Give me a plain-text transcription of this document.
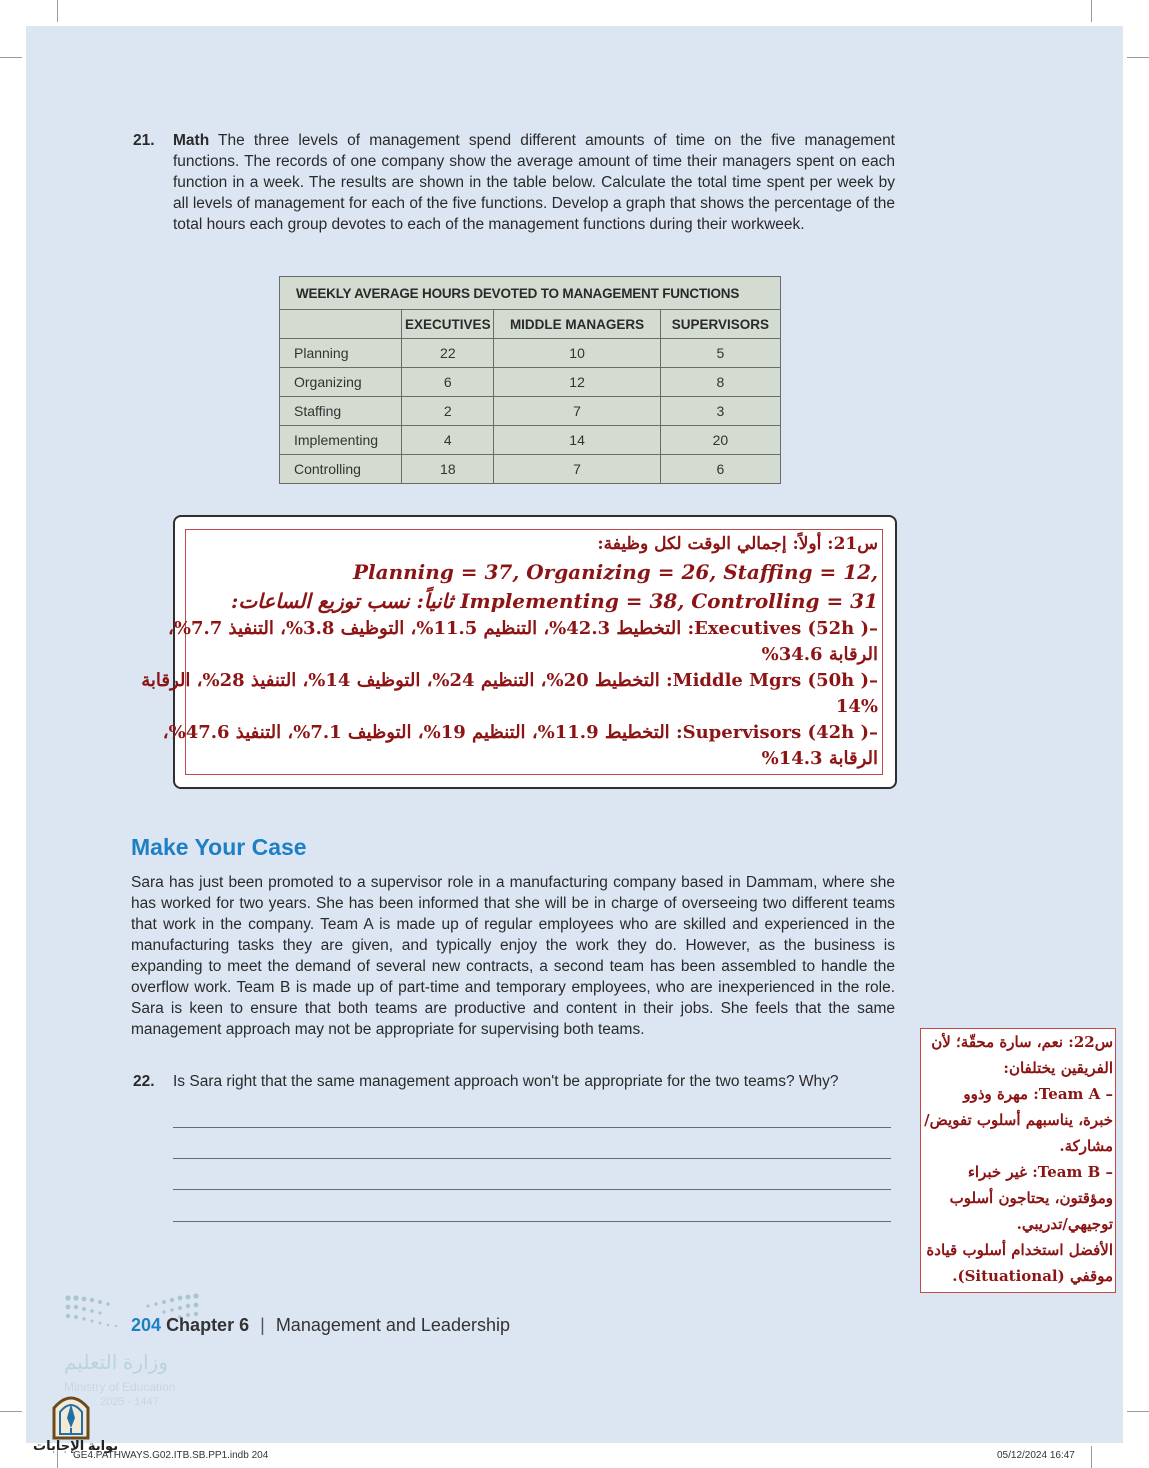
21. Math The three levels of management spend different amounts of time on the five management functions. The records of one company show the average amount of time their managers spent on each function in a week. The results are shown in the table below. Calculate the total time spent per week by all levels of management for each of the five functions. Develop a graph that shows the percentage of the total hours each group devotes to each of the management functions during their workweek.
WEEKLY AVERAGE HOURS DEVOTED TO MANAGEMENT FUNCTIONS			
	EXECUTIVES	MIDDLE MANAGERS	SUPERVISORS
Planning	22	10	5
Organizing	6	12	8
Staffing	2	7	3
Implementing	4	14	20
Controlling	18	7	6
س21: أولاً: إجمالي الوقت لكل وظيفة:
Planning = 37, Organizing = 26, Staffing = 12,
Implementing = 38, Controlling = 31 ثانياً: نسب توزيع الساعات:
–( 52h) Executives: التخطيط 42.3%، التنظيم 11.5%، التوظيف 3.8%، التنفيذ 7.7%،
الرقابة 34.6%
–( 50h) Middle Mgrs: التخطيط 20%، التنظيم 24%، التوظيف 14%، التنفيذ 28%، الرقابة
14%
–( 42h) Supervisors: التخطيط 11.9%، التنظيم 19%، التوظيف 7.1%، التنفيذ 47.6%،
الرقابة 14.3%
Make Your Case
Sara has just been promoted to a supervisor role in a manufacturing company based in Dammam, where she has worked for two years. She has been informed that she will be in charge of overseeing two different teams that work in the company. Team A is made up of regular employees who are skilled and experienced in the manufacturing tasks they are given, and typically enjoy the work they do. However, as the business is expanding to meet the demand of several new contracts, a second team has been assembled to handle the overflow work. Team B is made up of part-time and temporary employees, who are inexperienced in the role. Sara is keen to ensure that both teams are productive and content in their jobs. She feels that the same management approach may not be appropriate for supervising both teams.
22. Is Sara right that the same management approach won't be appropriate for the two teams? Why?
س22: نعم، سارة محقّة؛ لأن
الفريقين يختلفان:
– Team A: مهرة وذوو
خبرة، يناسبهم أسلوب تفويض/
مشاركة.
– Team B: غير خبراء
ومؤقتون، يحتاجون أسلوب
توجيهي/تدريبي.
الأفضل استخدام أسلوب قيادة
موقفي (Situational).
204 Chapter 6 | Management and Leadership
وزارة التعليم
Ministry of Education
2025 - 1447
بوابة الإجابات
GE4.PATHWAYS.G02.ITB.SB.PP1.indb 204	05/12/2024 16:47
